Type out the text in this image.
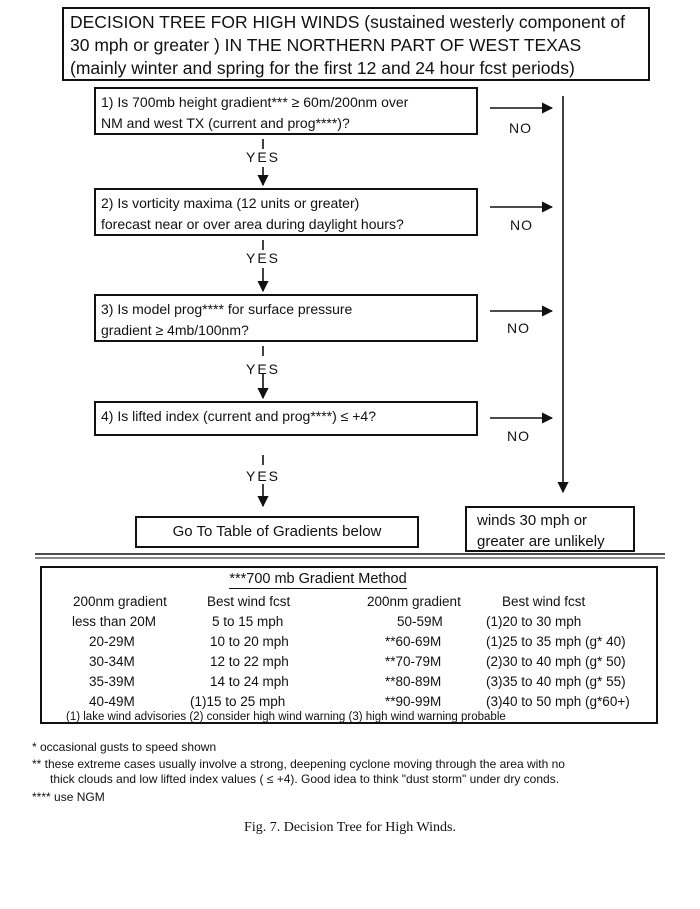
DECISION TREE FOR HIGH WINDS (sustained westerly component of
30 mph or greater ) IN THE NORTHERN PART OF WEST TEXAS
(mainly winter and spring for the first 12 and 24 hour fcst periods)
1) Is 700mb height gradient*** ≥ 60m/200nm over
NM and west TX (current and prog****)?
2) Is vorticity maxima (12 units or greater)
forecast near or over area during daylight hours?
3) Is model prog**** for surface pressure
gradient ≥ 4mb/100nm?
4) Is lifted index (current and prog****) ≤ +4?
YES
YES
YES
YES
NO
NO
NO
NO
Go To Table of Gradients below
winds 30 mph or
greater are unlikely
***700 mb Gradient Method
200nm gradient	Best wind fcst	200nm gradient	Best wind fcst
less than 20M	5 to 15 mph	50-59M	(1)20 to 30 mph
20-29M	10 to 20 mph	**60-69M	(1)25 to 35 mph (g* 40)
30-34M	12 to 22 mph	**70-79M	(2)30 to 40 mph (g* 50)
35-39M	14 to 24 mph	**80-89M	(3)35 to 40 mph (g* 55)
40-49M	(1)15 to 25 mph	**90-99M	(3)40 to 50 mph (g*60+)
(1) lake wind advisories (2) consider high wind warning (3) high wind warning probable
* occasional gusts to speed shown
** these extreme cases usually involve a strong, deepening cyclone moving through the area with no
thick clouds and low lifted index values ( ≤ +4). Good idea to think "dust storm" under dry conds.
**** use NGM
Fig. 7. Decision Tree for High Winds.
